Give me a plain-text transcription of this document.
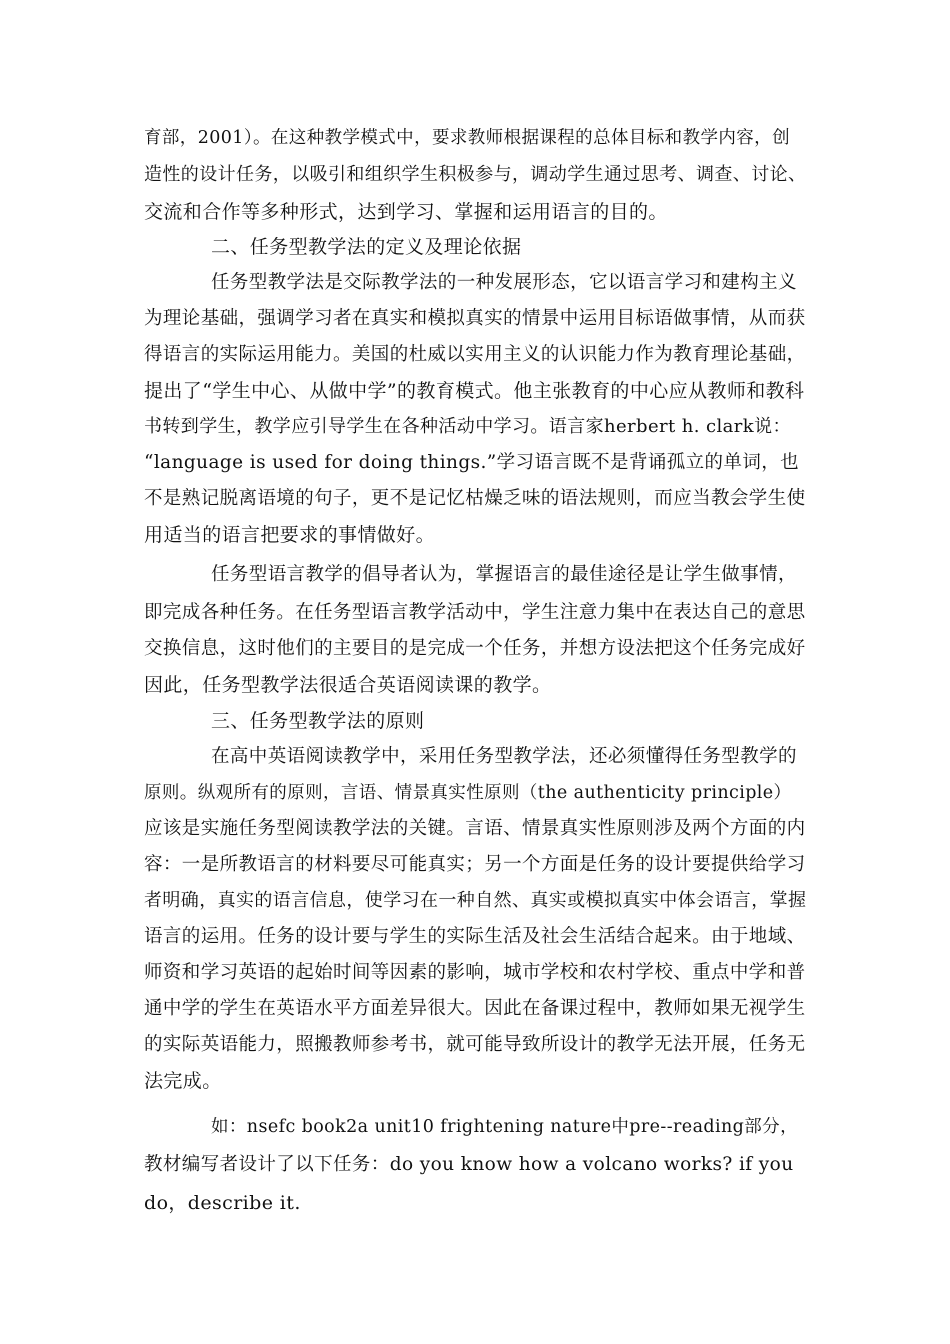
育部，2001）。在这种教学模式中，要求教师根据课程的总体目标和教学内容，创
造性的设计任务，以吸引和组织学生积极参与，调动学生通过思考、调查、讨论、
交流和合作等多种形式，达到学习、掌握和运用语言的目的。
二、任务型教学法的定义及理论依据
任务型教学法是交际教学法的一种发展形态，它以语言学习和建构主义
为理论基础，强调学习者在真实和模拟真实的情景中运用目标语做事情，从而获
得语言的实际运用能力。美国的杜威以实用主义的认识能力作为教育理论基础，
提出了“学生中心、从做中学”的教育模式。他主张教育的中心应从教师和教科
书转到学生，教学应引导学生在各种活动中学习。语言家herbert h. clark说：
“language is used for doing things.”学习语言既不是背诵孤立的单词，也
不是熟记脱离语境的句子，更不是记忆枯燥乏味的语法规则，而应当教会学生使
用适当的语言把要求的事情做好。
任务型语言教学的倡导者认为，掌握语言的最佳途径是让学生做事情，
即完成各种任务。在任务型语言教学活动中，学生注意力集中在表达自己的意思
交换信息，这时他们的主要目的是完成一个任务，并想方设法把这个任务完成好
因此，任务型教学法很适合英语阅读课的教学。
三、任务型教学法的原则
在高中英语阅读教学中，采用任务型教学法，还必须懂得任务型教学的
原则。纵观所有的原则，言语、情景真实性原则（the authenticity principle）
应该是实施任务型阅读教学法的关键。言语、情景真实性原则涉及两个方面的内
容：一是所教语言的材料要尽可能真实；另一个方面是任务的设计要提供给学习
者明确，真实的语言信息，使学习在一种自然、真实或模拟真实中体会语言，掌握
语言的运用。任务的设计要与学生的实际生活及社会生活结合起来。由于地域、
师资和学习英语的起始时间等因素的影响，城市学校和农村学校、重点中学和普
通中学的学生在英语水平方面差异很大。因此在备课过程中，教师如果无视学生
的实际英语能力，照搬教师参考书，就可能导致所设计的教学无法开展，任务无
法完成。
如：nsefc book2a unit10 frightening nature中pre--reading部分，
教材编写者设计了以下任务：do you know how a volcano works? if you
do，describe it.
